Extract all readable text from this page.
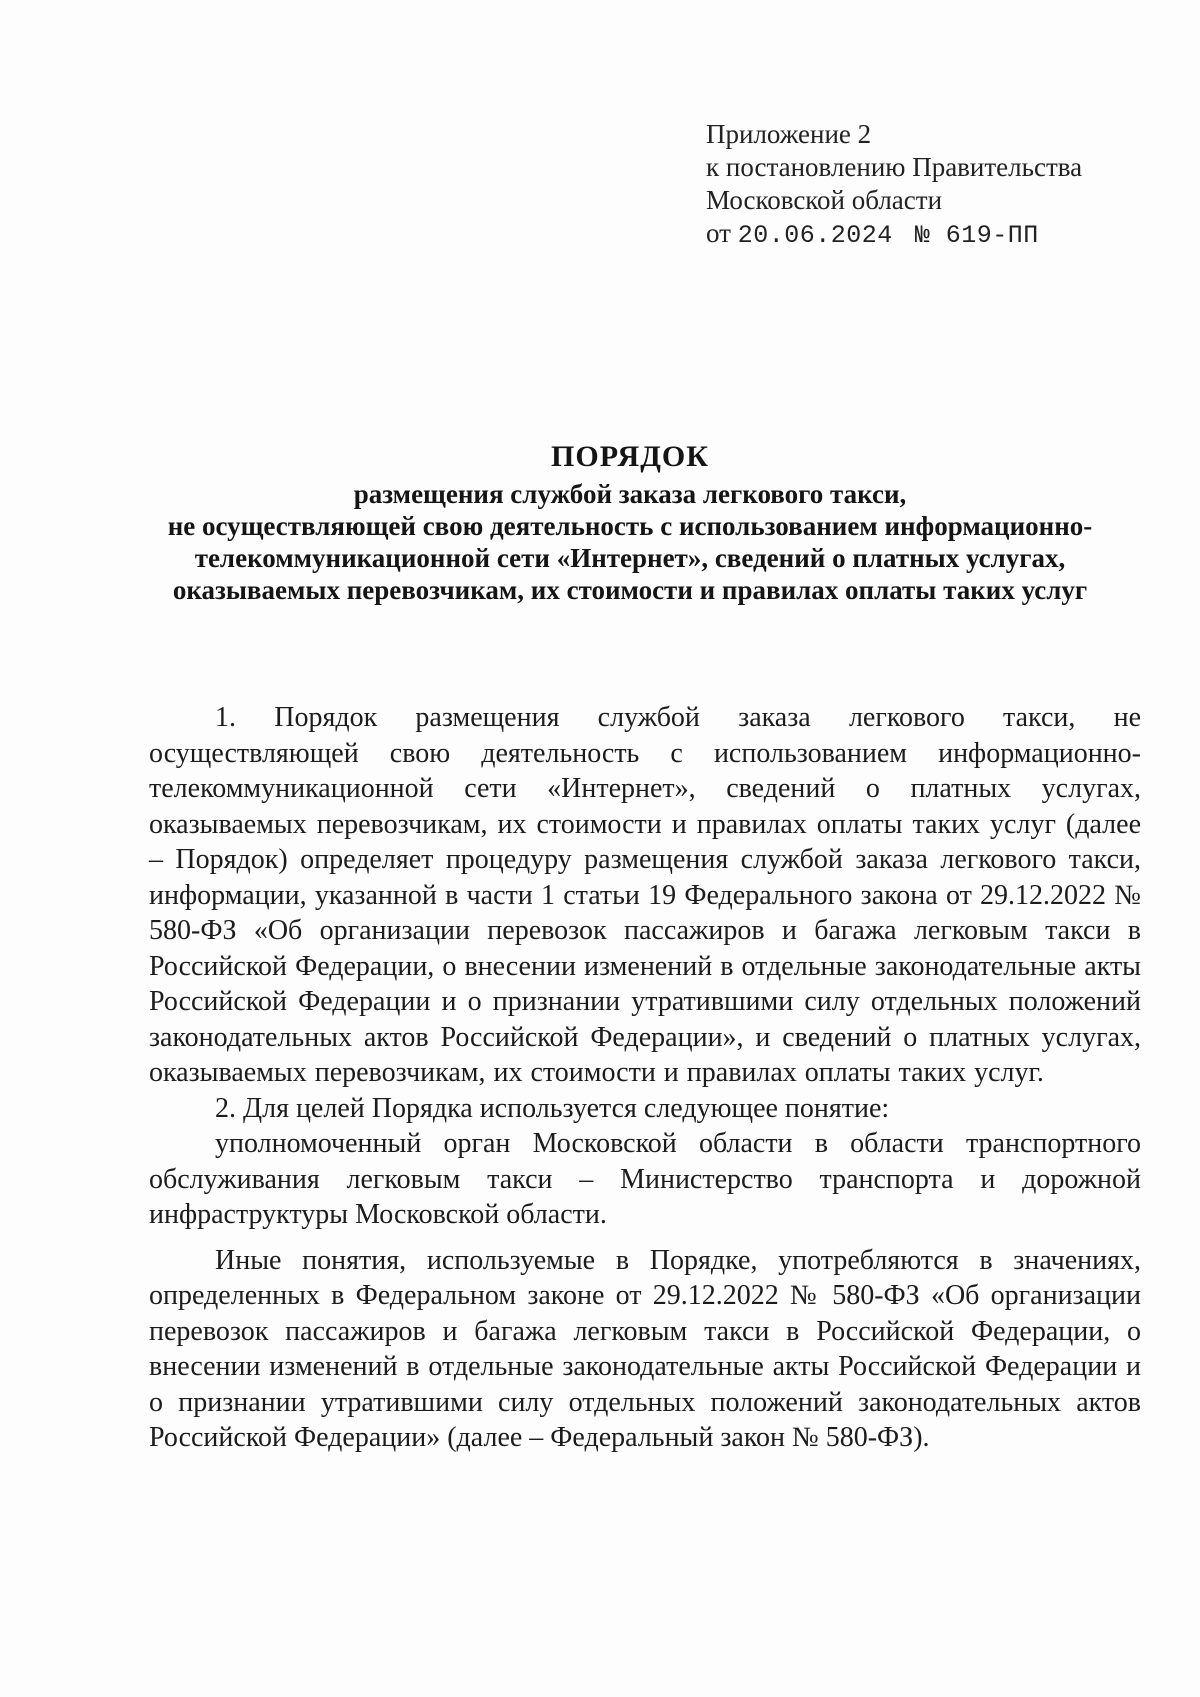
Приложение 2
к постановлению Правительства
Московской области
от 20.06.2024 № 619-ПП
ПОРЯДОК
размещения службой заказа легкового такси,
не осуществляющей свою деятельность с использованием информационно-
телекоммуникационной сети «Интернет», сведений о платных услугах,
оказываемых перевозчикам, их стоимости и правилах оплаты таких услуг

1. Порядок размещения службой заказа легкового такси, не осуществляющей свою деятельность с использованием информационно-телекоммуникационной сети «Интернет», сведений о платных услугах, оказываемых перевозчикам, их стоимости и правилах оплаты таких услуг (далее – Порядок) определяет процедуру размещения службой заказа легкового такси, информации, указанной в части 1 статьи 19 Федерального закона от 29.12.2022 № 580-ФЗ «Об организации перевозок пассажиров и багажа легковым такси в Российской Федерации, о внесении изменений в отдельные законодательные акты Российской Федерации и о признании утратившими силу отдельных положений законодательных актов Российской Федерации», и сведений о платных услугах, оказываемых перевозчикам, их стоимости и правилах оплаты таких услуг.

2. Для целей Порядка используется следующее понятие:

уполномоченный орган Московской области в области транспортного обслуживания легковым такси – Министерство транспорта и дорожной инфраструктуры Московской области.

Иные понятия, используемые в Порядке, употребляются в значениях, определенных в Федеральном законе от 29.12.2022 № 580-ФЗ «Об организации перевозок пассажиров и багажа легковым такси в Российской Федерации, о внесении изменений в отдельные законодательные акты Российской Федерации и о признании утратившими силу отдельных положений законодательных актов Российской Федерации» (далее – Федеральный закон № 580-ФЗ).
